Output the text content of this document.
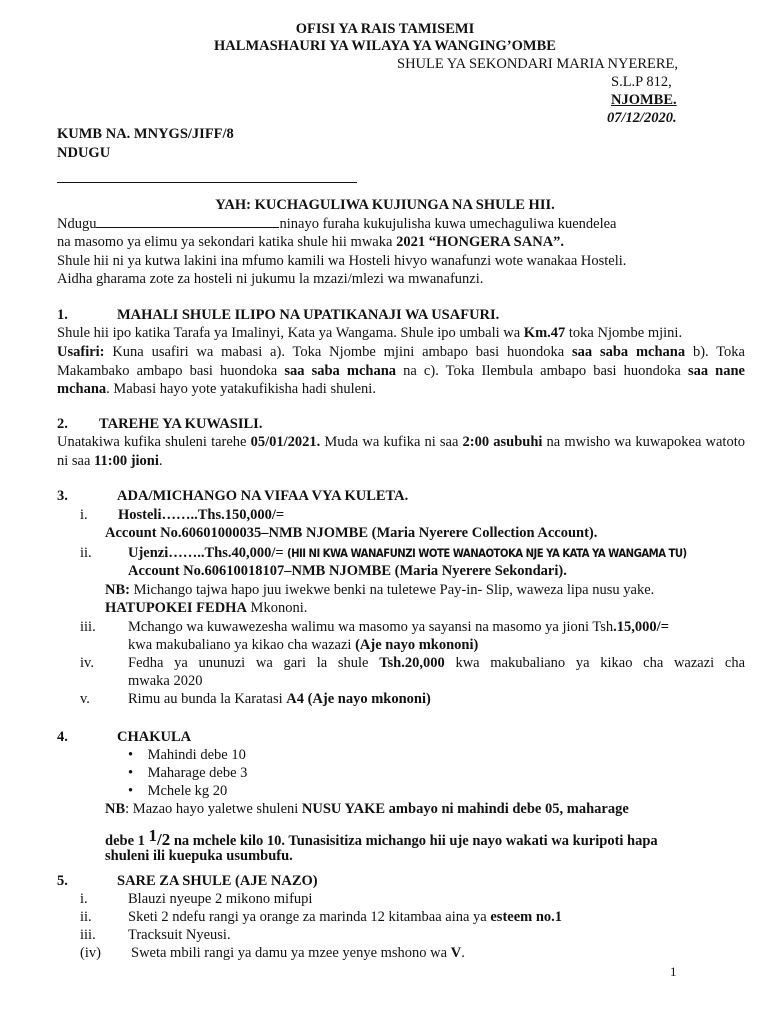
OFISI YA RAIS TAMISEMI
HALMASHAURI YA WILAYA YA WANGING’OMBE
SHULE YA SEKONDARI MARIA NYERERE,
S.L.P 812,
NJOMBE.
07/12/2020.
KUMB NA. MNYGS/JIFF/8
NDUGU
YAH: KUCHAGULIWA KUJIUNGA NA SHULE HII.
Ndugu	ninayo furaha kukujulisha kuwa umechaguliwa kuendelea
na masomo ya elimu ya sekondari katika shule hii mwaka 2021 “HONGERA SANA”.
Shule hii ni ya kutwa lakini ina mfumo kamili wa Hosteli hivyo wanafunzi wote wanakaa Hosteli.
Aidha gharama zote za hosteli ni jukumu la mzazi/mlezi wa mwanafunzi.
1.	MAHALI SHULE ILIPO NA UPATIKANAJI WA USAFURI.
Shule hii ipo katika Tarafa ya Imalinyi, Kata ya Wangama. Shule ipo umbali wa Km.47 toka Njombe mjini.
Usafiri: Kuna usafiri wa mabasi a). Toka Njombe mjini ambapo basi huondoka saa saba mchana b). Toka
Makambako ambapo basi huondoka saa saba mchana na c). Toka Ilembula ambapo basi huondoka saa nane
mchana. Mabasi hayo yote yatakufikisha hadi shuleni.
2. TAREHE YA KUWASILI.
Unatakiwa kufika shuleni tarehe 05/01/2021. Muda wa kufika ni saa 2:00 asubuhi na mwisho wa kuwapokea watoto
ni saa 11:00 jioni.
3.	ADA/MICHANGO NA VIFAA VYA KULETA.
i. Hosteli……..Ths.150,000/=
Account No.60601000035–NMB NJOMBE (Maria Nyerere Collection Account).
ii.	Ujenzi……..Ths.40,000/= (HII NI KWA WANAFUNZI WOTE WANAOTOKA NJE YA KATA YA WANGAMA TU)
Account No.60610018107–NMB NJOMBE (Maria Nyerere Sekondari).
NB: Michango tajwa hapo juu iwekwe benki na tuletewe Pay-in- Slip, waweza lipa nusu yake.
HATUPOKEI FEDHA Mkononi.
iii. Mchango wa kuwawezesha walimu wa masomo ya sayansi na masomo ya jioni Tsh.15,000/=
kwa makubaliano ya kikao cha wazazi (Aje nayo mkononi)
iv. Fedha ya ununuzi wa gari la shule Tsh.20,000 kwa makubaliano ya kikao cha wazazi cha
mwaka 2020
v.	Rimu au bunda la Karatasi A4 (Aje nayo mkononi)
4.	CHAKULA
•    Mahindi debe 10
•    Maharage debe 3
•    Mchele kg 20
NB: Mazao hayo yaletwe shuleni NUSU YAKE ambayo ni mahindi debe 05, maharage
debe 1 $^1$/2 na mchele kilo 10. Tunasisitiza michango hii uje nayo wakati wa kuripoti hapa
shuleni ili kuepuka usumbufu.
5.	SARE ZA SHULE (AJE NAZO)
i.	Blauzi nyeupe 2 mikono mifupi
ii.	Sketi 2 ndefu rangi ya orange za marinda 12 kitambaa aina ya esteem no.1
iii. Tracksuit Nyeusi.
(iv) Sweta mbili rangi ya damu ya mzee yenye mshono wa V.
1
